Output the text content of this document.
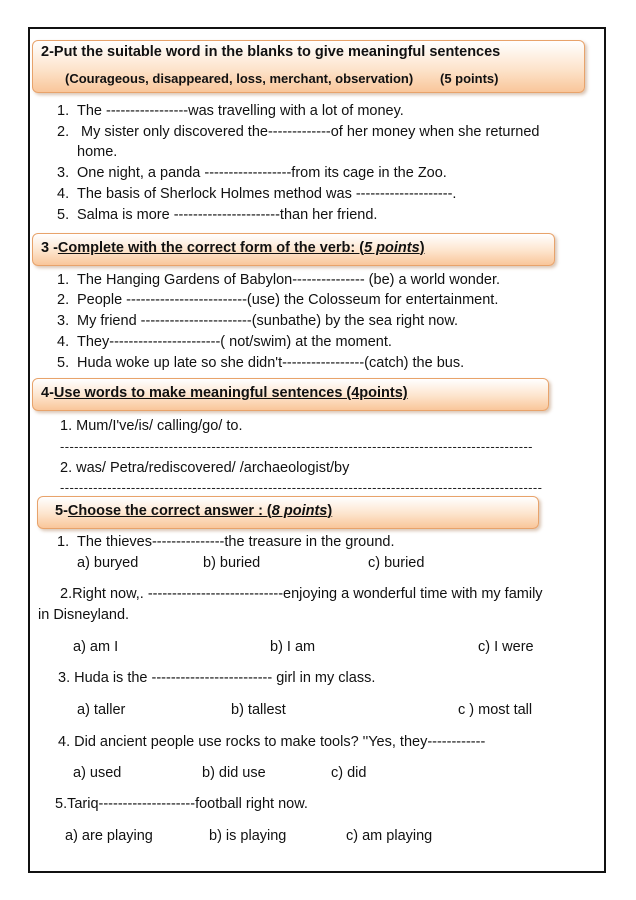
2-Put the suitable word in the blanks to give meaningful sentences
(Courageous, disappeared, loss, merchant, observation) (5 points)
1. The -----------------was travelling with a lot of money.
2. My sister only discovered the-------------of her money when she returned
home.
3. One night, a panda ------------------from its cage in the Zoo.
4. The basis of Sherlock Holmes method was --------------------.
5. Salma is more ----------------------than her friend.
3 -Complete with the correct form of the verb: (5 points)
1. The Hanging Gardens of Babylon--------------- (be) a world wonder.
2. People -------------------------(use) the Colosseum for entertainment.
3. My friend -----------------------(sunbathe) by the sea right now.
4. They-----------------------( not/swim) at the moment.
5. Huda woke up late so she didn't-----------------(catch) the bus.
4-Use words to make meaningful sentences (4points)
1. Mum/I've/is/ calling/go/ to.
----------------------------------------------------------------------------------------------------
2. was/ Petra/rediscovered/ /archaeologist/by
------------------------------------------------------------------------------------------------------
5-Choose the correct answer : (8 points)
1. The thieves---------------the treasure in the ground.
a) buryed	b) buried	c) buried
2.Right now,. ----------------------------enjoying a wonderful time with my family
in Disneyland.
a) am I	b) I am	c) I were
3. Huda is the ------------------------- girl in my class.
a) taller	b) tallest	c ) most tall
4. Did ancient people use rocks to make tools? ''Yes, they------------
a) used	b) did use	c) did
5.Tariq--------------------football right now.
a) are playing	b) is playing	c) am playing
